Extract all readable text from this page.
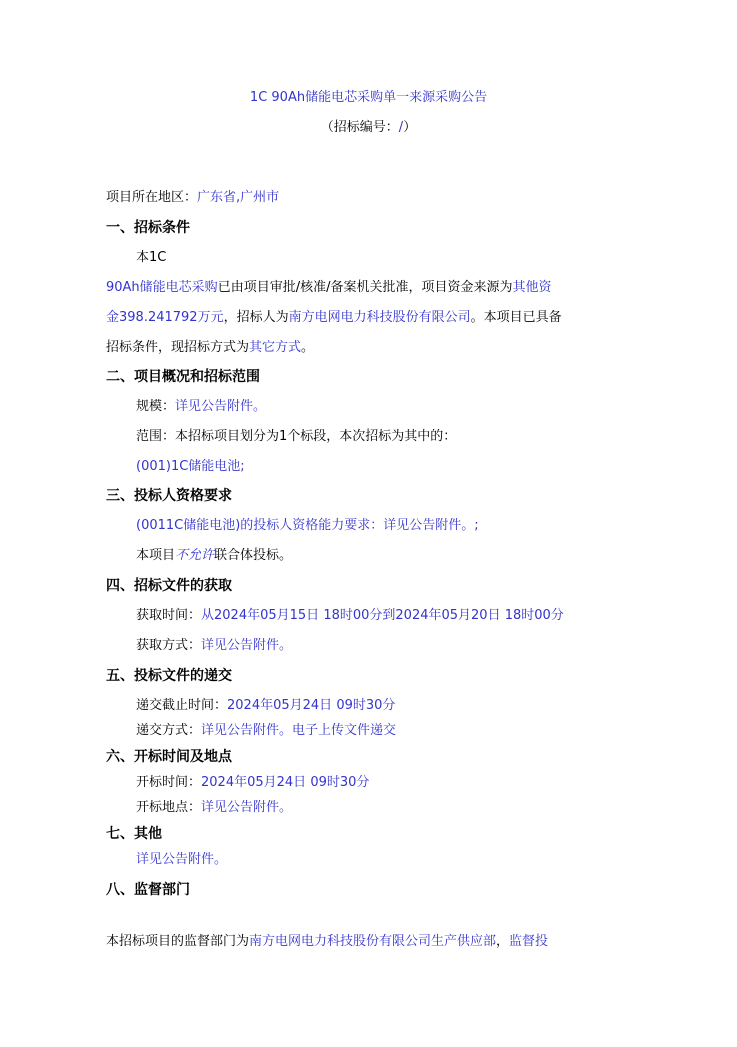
1C 90Ah储能电芯采购单一来源采购公告
（招标编号：/）
项目所在地区：广东省,广州市
一、招标条件
本1C
90Ah储能电芯采购已由项目审批/核准/备案机关批准，项目资金来源为其他资
金398.241792万元，招标人为南方电网电力科技股份有限公司。本项目已具备
招标条件，现招标方式为其它方式。
二、项目概况和招标范围
规模：详见公告附件。
范围：本招标项目划分为1个标段，本次招标为其中的：
(001)1C储能电池;
三、投标人资格要求
(0011C储能电池)的投标人资格能力要求：详见公告附件。;
本项目不允许联合体投标。
四、招标文件的获取
获取时间：从2024年05月15日 18时00分到2024年05月20日 18时00分
获取方式：详见公告附件。
五、投标文件的递交
递交截止时间：2024年05月24日 09时30分
递交方式：详见公告附件。电子上传文件递交
六、开标时间及地点
开标时间：2024年05月24日 09时30分
开标地点：详见公告附件。
七、其他
详见公告附件。
八、监督部门
本招标项目的监督部门为南方电网电力科技股份有限公司生产供应部，监督投
